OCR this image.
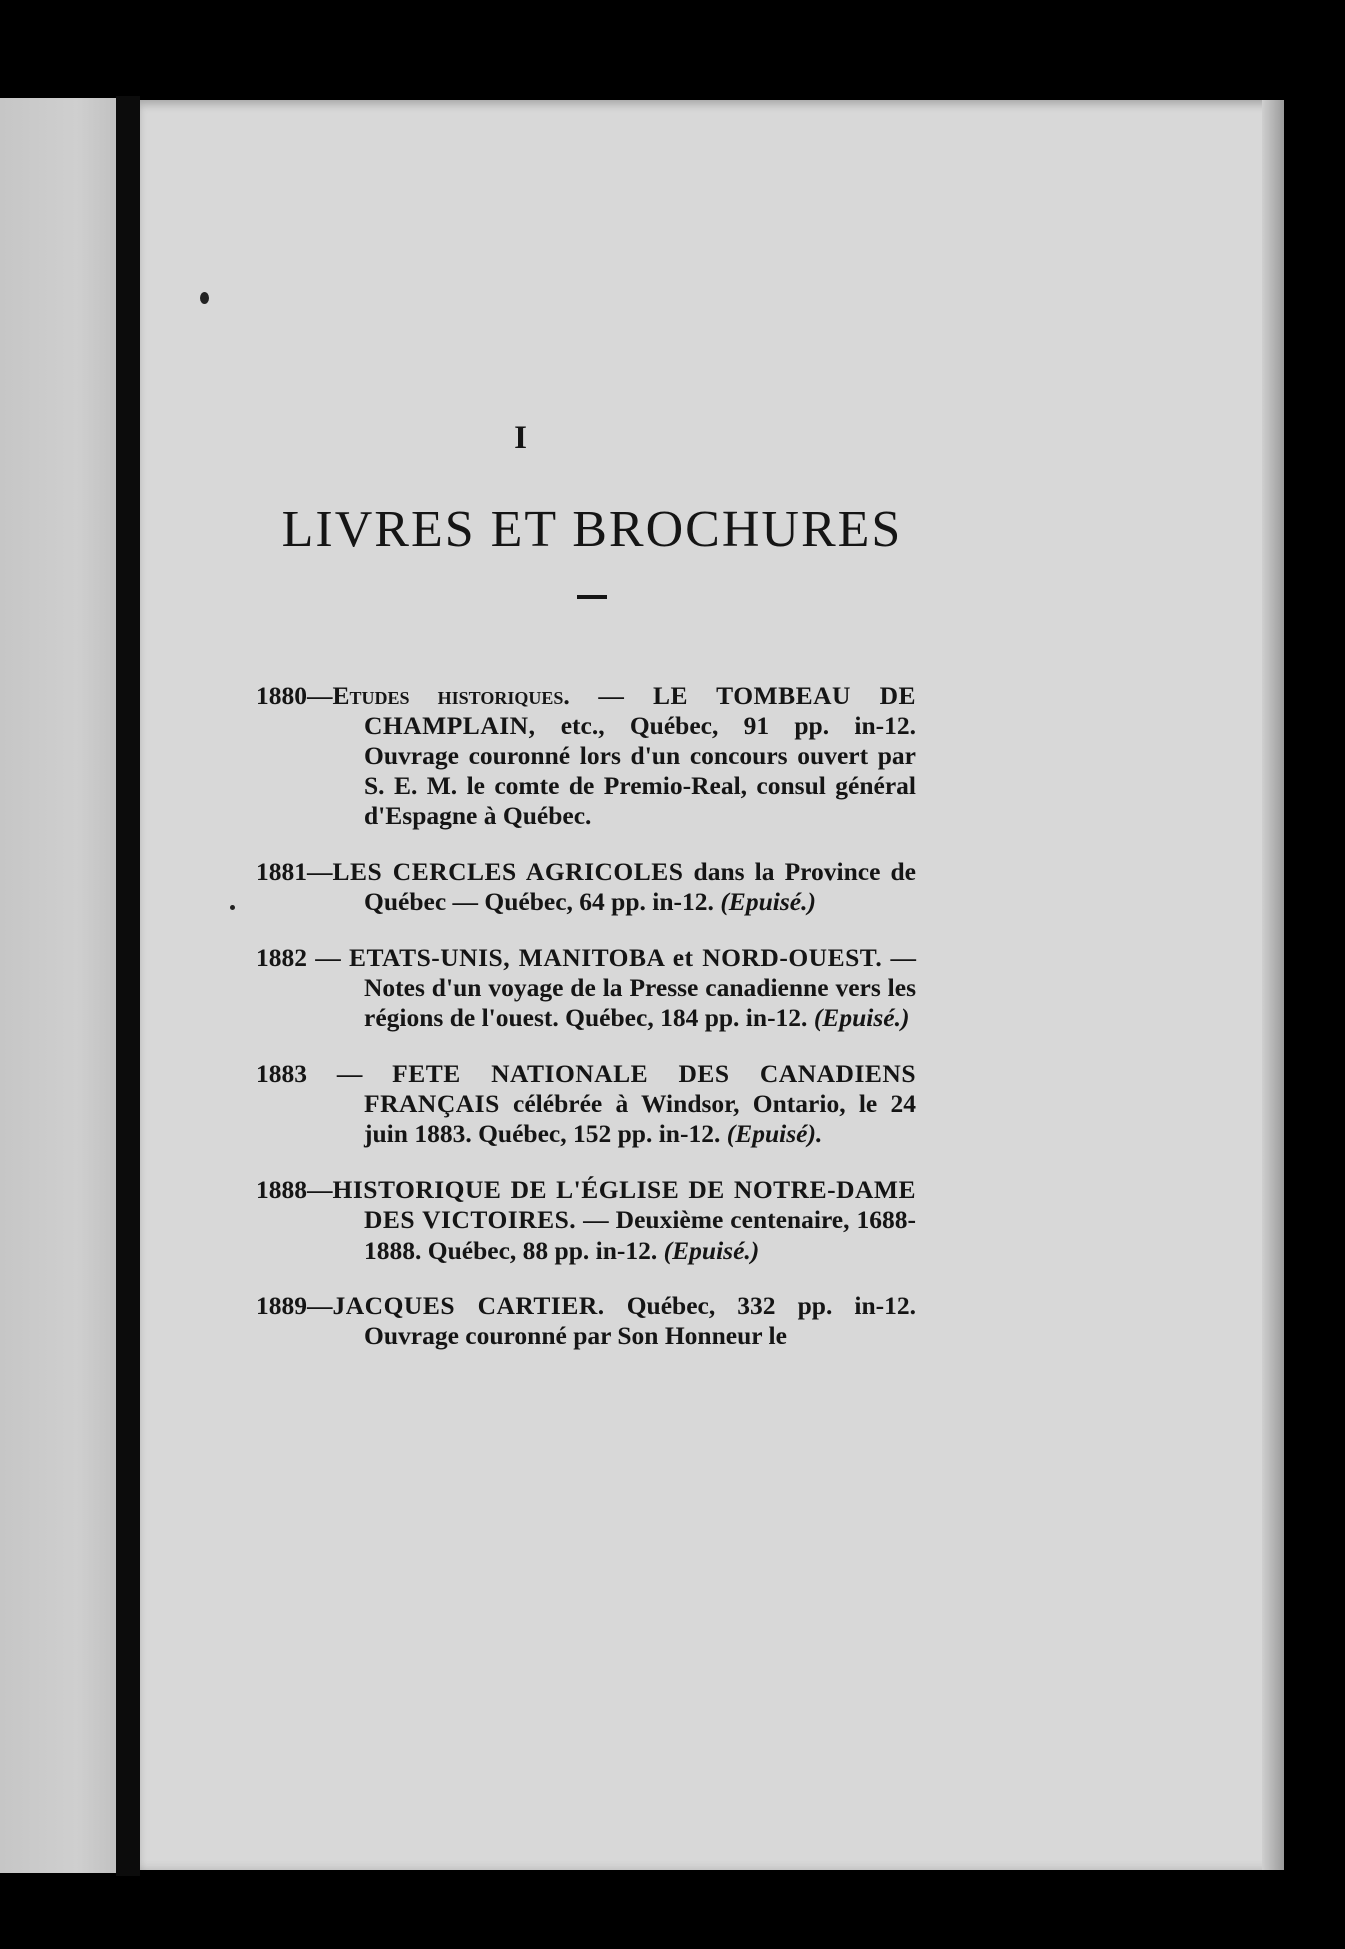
I
LIVRES ET BROCHURES

1880—Etudes historiques. — LE TOMBEAU DE CHAMPLAIN, etc., Québec, 91 pp. in-12. Ouvrage couronné lors d'un concours ouvert par S. E. M. le comte de Premio-Real, consul général d'Espagne à Québec.

1881—LES CERCLES AGRICOLES dans la Province de Québec — Québec, 64 pp. in-12. (Epuisé.)

1882 — ETATS-UNIS, MANITOBA et NORD-OUEST. — Notes d'un voyage de la Presse canadienne vers les régions de l'ouest. Québec, 184 pp. in-12. (Epuisé.)

1883 — FETE NATIONALE DES CANADIENS FRANÇAIS célébrée à Windsor, Ontario, le 24 juin 1883. Québec, 152 pp. in-12. (Epuisé).

1888—HISTORIQUE DE L'ÉGLISE DE NOTRE-DAME DES VICTOIRES. — Deuxième centenaire, 1688-1888. Québec, 88 pp. in-12. (Epuisé.)

1889—JACQUES CARTIER. Québec, 332 pp. in-12. Ouvrage couronné par Son Honneur le
